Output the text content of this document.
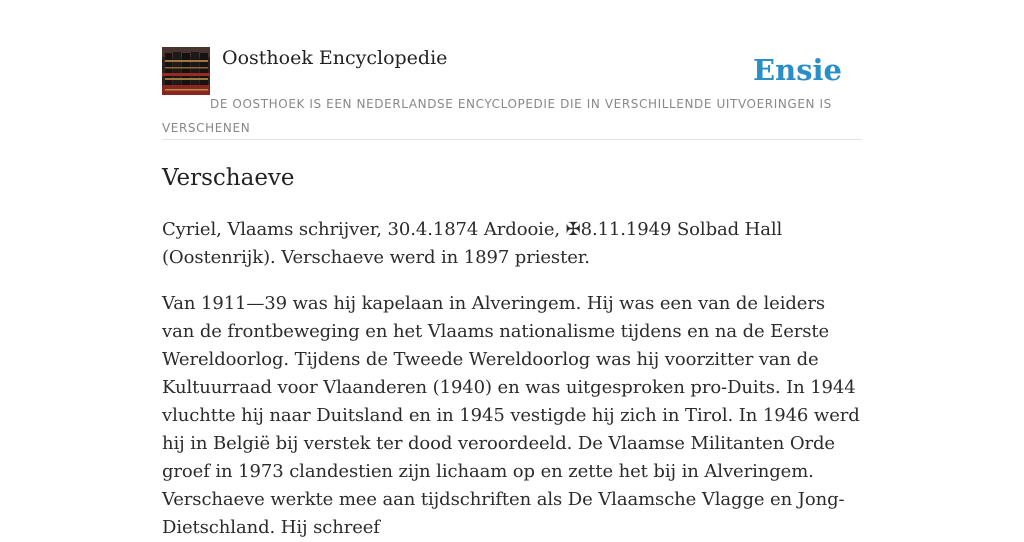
Oosthoek Encyclopedie	Ensie
DE OOSTHOEK IS EEN NEDERLANDSE ENCYCLOPEDIE DIE IN VERSCHILLENDE UITVOERINGEN IS VERSCHENEN
Verschaeve

Cyriel, Vlaams schrijver, 30.4.1874 Ardooie, ✠8.11.1949 Solbad Hall (Oostenrijk). Verschaeve werd in 1897 priester.

Van 1911—39 was hij kapelaan in Alveringem. Hij was een van de leiders van de frontbeweging en het Vlaams nationalisme tijdens en na de Eerste Wereldoorlog. Tijdens de Tweede Wereldoorlog was hij voorzitter van de Kultuurraad voor Vlaanderen (1940) en was uitgesproken pro-Duits. In 1944 vluchtte hij naar Duitsland en in 1945 vestigde hij zich in Tirol. In 1946 werd hij in België bij verstek ter dood veroordeeld. De Vlaamse Militanten Orde groef in 1973 clandestien zijn lichaam op en zette het bij in Alveringem. Verschaeve werkte mee aan tijdschriften als De Vlaamsche Vlagge en Jong-Dietschland. Hij schreef
